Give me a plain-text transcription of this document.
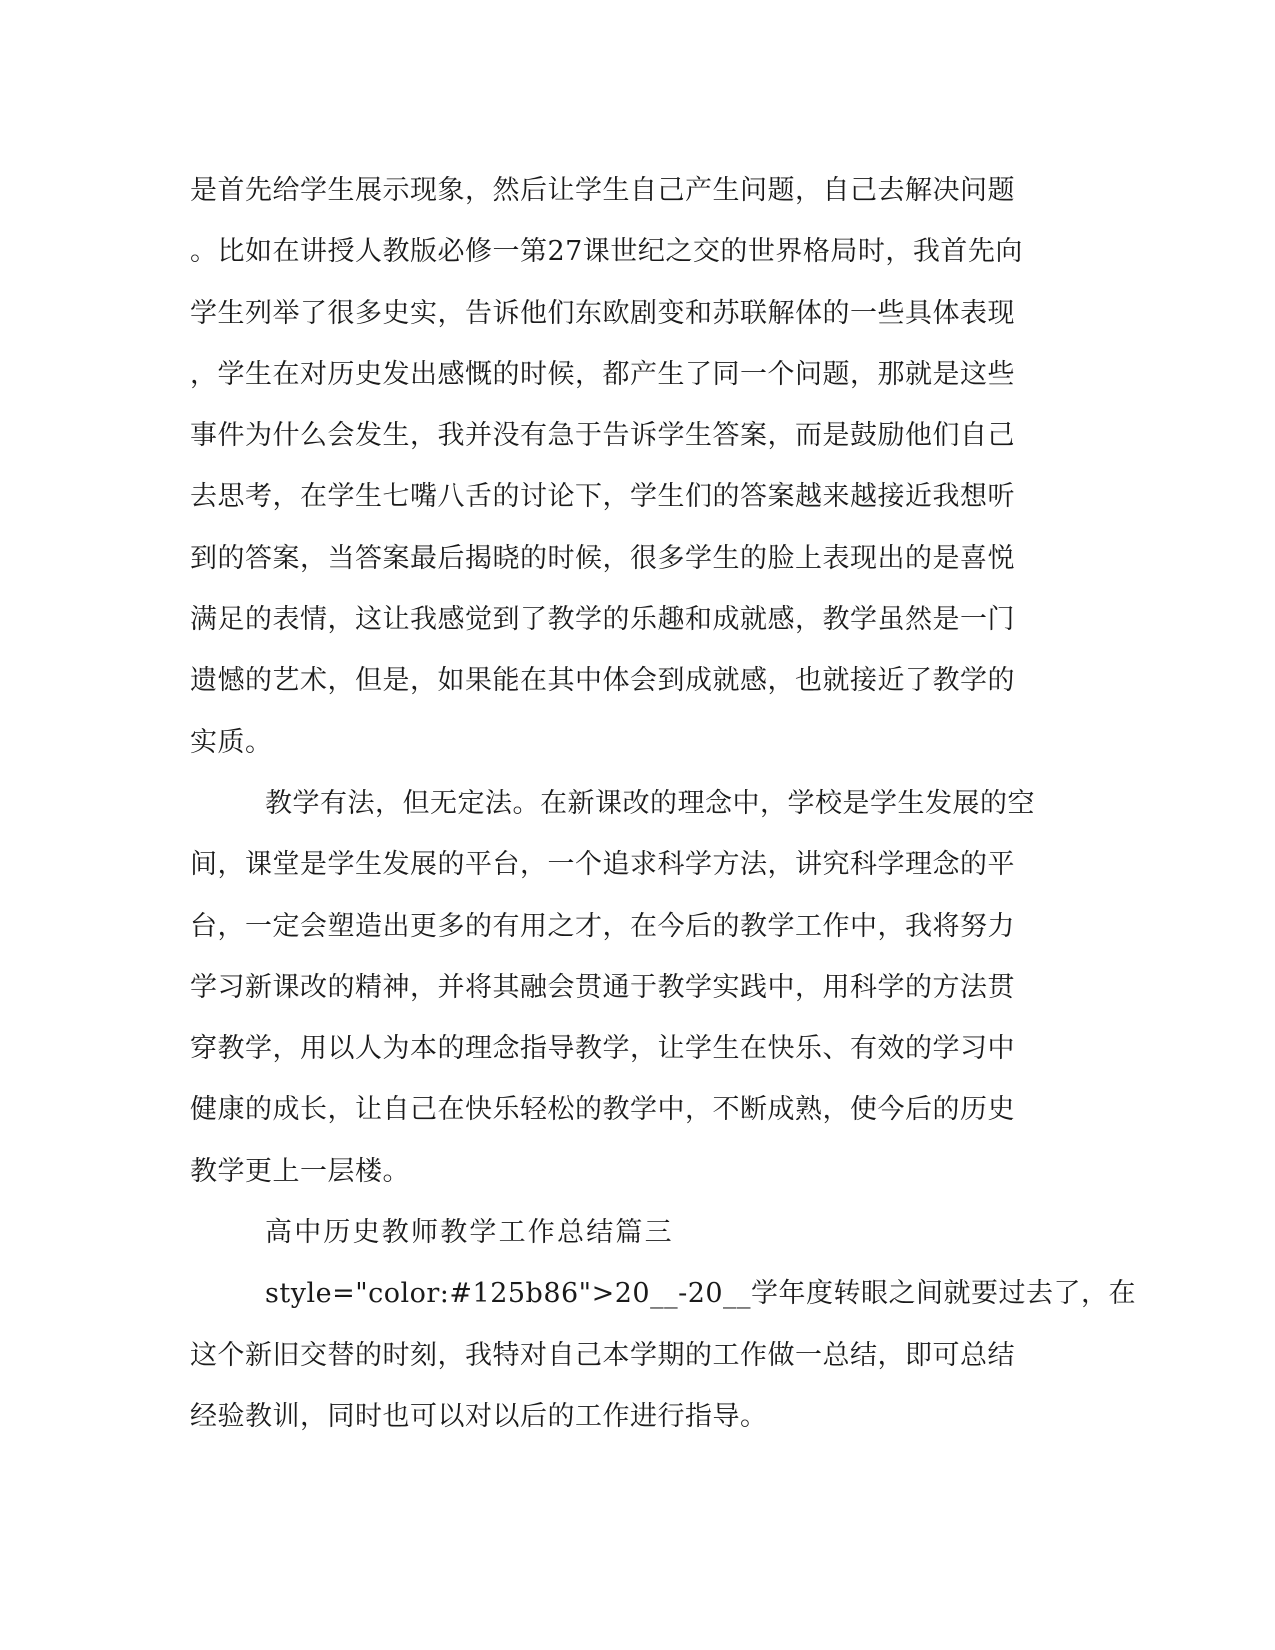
是首先给学生展示现象，然后让学生自己产生问题，自己去解决问题
。比如在讲授人教版必修一第27课世纪之交的世界格局时，我首先向
学生列举了很多史实，告诉他们东欧剧变和苏联解体的一些具体表现
，学生在对历史发出感慨的时候，都产生了同一个问题，那就是这些
事件为什么会发生，我并没有急于告诉学生答案，而是鼓励他们自己
去思考，在学生七嘴八舌的讨论下，学生们的答案越来越接近我想听
到的答案，当答案最后揭晓的时候，很多学生的脸上表现出的是喜悦
满足的表情，这让我感觉到了教学的乐趣和成就感，教学虽然是一门
遗憾的艺术，但是，如果能在其中体会到成就感，也就接近了教学的
实质。
教学有法，但无定法。在新课改的理念中，学校是学生发展的空
间，课堂是学生发展的平台，一个追求科学方法，讲究科学理念的平
台，一定会塑造出更多的有用之才，在今后的教学工作中，我将努力
学习新课改的精神，并将其融会贯通于教学实践中，用科学的方法贯
穿教学，用以人为本的理念指导教学，让学生在快乐、有效的学习中
健康的成长，让自己在快乐轻松的教学中，不断成熟，使今后的历史
教学更上一层楼。
高中历史教师教学工作总结篇三
style="color:#125b86">20__-20__学年度转眼之间就要过去了，在
这个新旧交替的时刻，我特对自己本学期的工作做一总结，即可总结
经验教训，同时也可以对以后的工作进行指导。
